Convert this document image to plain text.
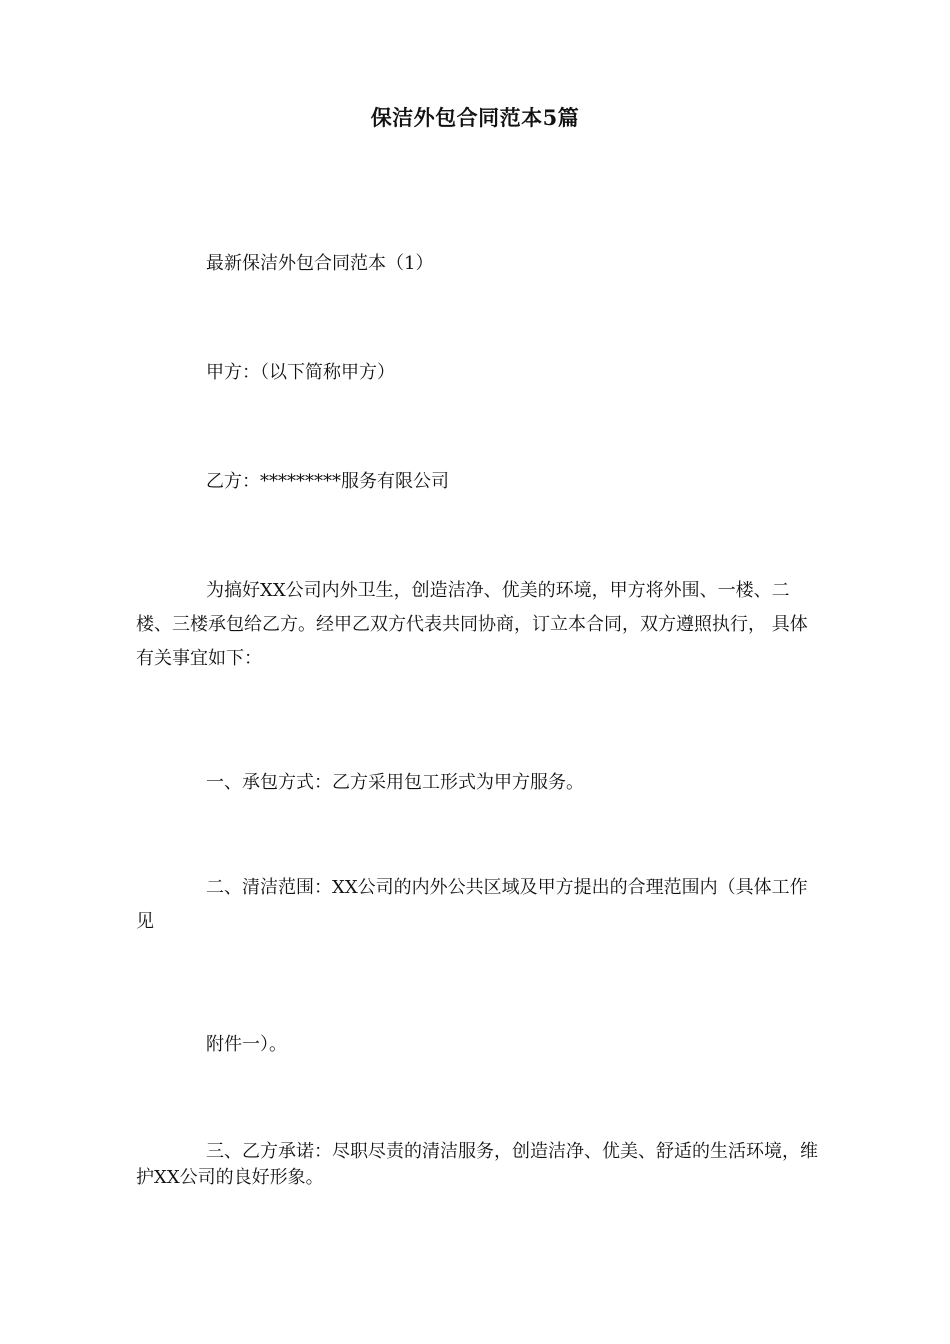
保洁外包合同范本5篇
最新保洁外包合同范本（1）
甲方：（以下简称甲方）
乙方：*********服务有限公司
为搞好XX公司内外卫生，创造洁净、优美的环境，甲方将外围、一楼、二楼、三楼承包给乙方。经甲乙双方代表共同协商，订立本合同，双方遵照执行， 具体有关事宜如下：
一、承包方式：乙方采用包工形式为甲方服务。
二、清洁范围：XX公司的内外公共区域及甲方提出的合理范围内（具体工作见
附件一）。
三、乙方承诺：尽职尽责的清洁服务，创造洁净、优美、舒适的生活环境，维护XX公司的良好形象。
